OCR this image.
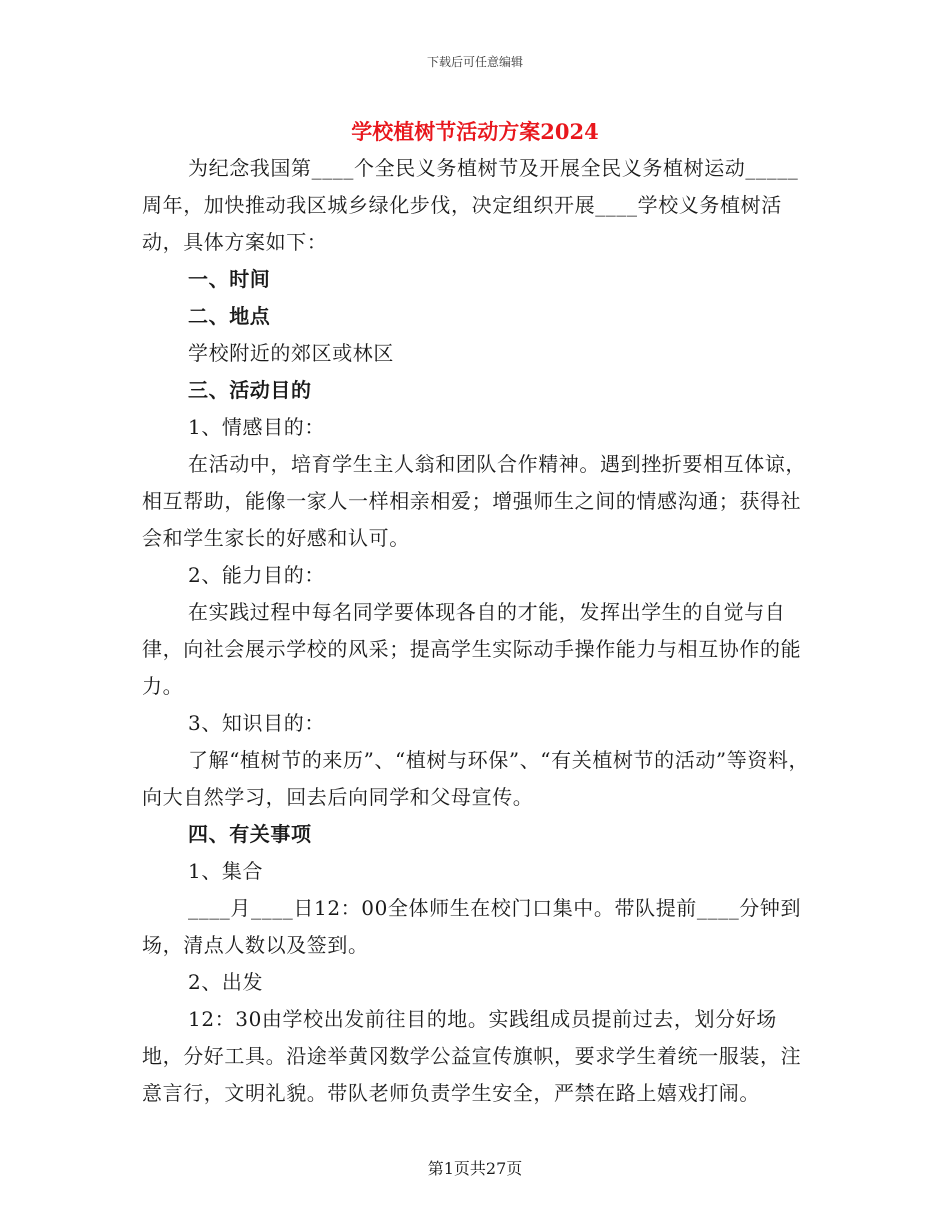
下载后可任意编辑
学校植树节活动方案2024

为纪念我国第____个全民义务植树节及开展全民义务植树运动_____周年，加快推动我区城乡绿化步伐，决定组织开展____学校义务植树活动，具体方案如下：

一、时间

二、地点

学校附近的郊区或林区

三、活动目的

1、情感目的：

在活动中，培育学生主人翁和团队合作精神。遇到挫折要相互体谅，相互帮助，能像一家人一样相亲相爱；增强师生之间的情感沟通；获得社会和学生家长的好感和认可。

2、能力目的：

在实践过程中每名同学要体现各自的才能，发挥出学生的自觉与自律，向社会展示学校的风采；提高学生实际动手操作能力与相互协作的能力。

3、知识目的：

了解“植树节的来历”、“植树与环保”、“有关植树节的活动”等资料，向大自然学习，回去后向同学和父母宣传。

四、有关事项

1、集合

____月____日12：00全体师生在校门口集中。带队提前____分钟到场，清点人数以及签到。

2、出发

12：30由学校出发前往目的地。实践组成员提前过去，划分好场地，分好工具。沿途举黄冈数学公益宣传旗帜，要求学生着统一服装，注意言行，文明礼貌。带队老师负责学生安全，严禁在路上嬉戏打闹。

第1页共27页
